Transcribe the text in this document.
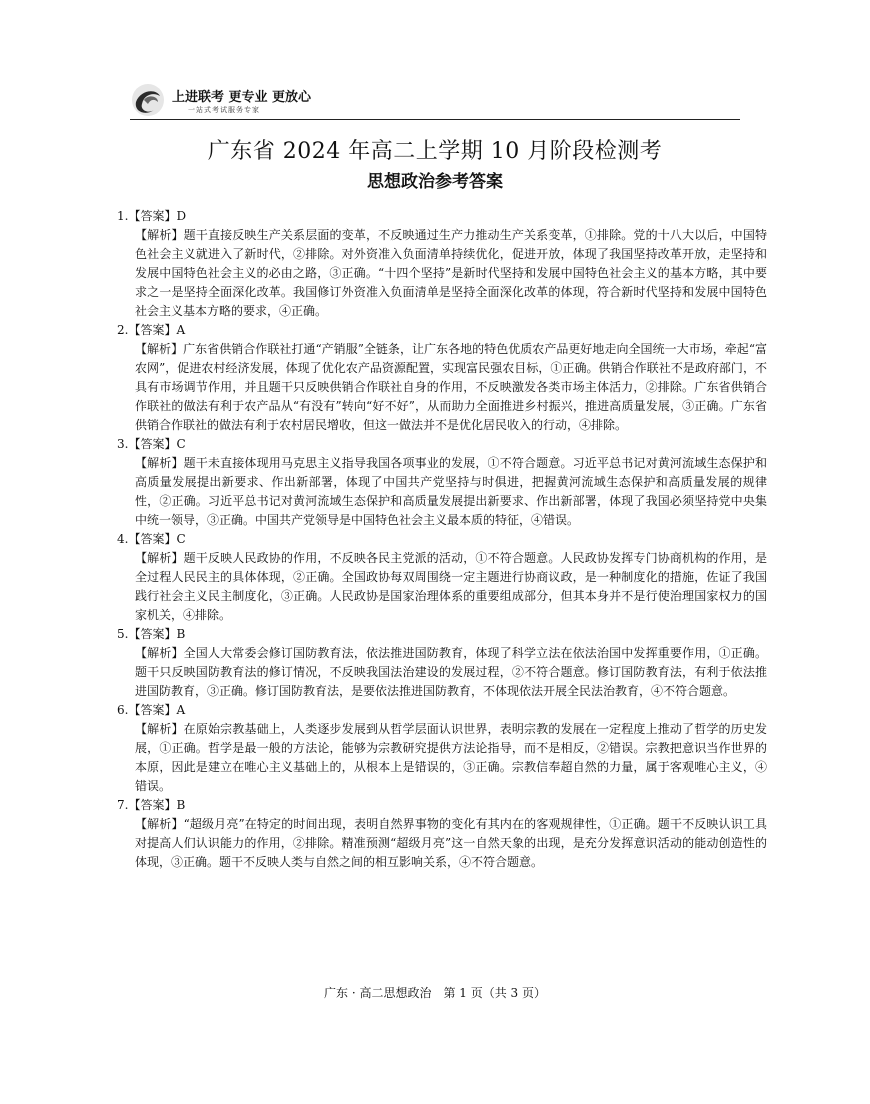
上进联考 更专业 更放心
一站式考试服务专家
广东省 2024 年高二上学期 10 月阶段检测考
思想政治参考答案

1.【答案】D

【解析】题干直接反映生产关系层面的变革，不反映通过生产力推动生产关系变革，①排除。党的十八大以后，中国特色社会主义就进入了新时代，②排除。对外资准入负面清单持续优化，促进开放，体现了我国坚持改革开放，走坚持和发展中国特色社会主义的必由之路，③正确。“十四个坚持”是新时代坚持和发展中国特色社会主义的基本方略，其中要求之一是坚持全面深化改革。我国修订外资准入负面清单是坚持全面深化改革的体现，符合新时代坚持和发展中国特色社会主义基本方略的要求，④正确。

2.【答案】A

【解析】广东省供销合作联社打通“产销服”全链条，让广东各地的特色优质农产品更好地走向全国统一大市场，牵起“富农网”，促进农村经济发展，体现了优化农产品资源配置，实现富民强农目标，①正确。供销合作联社不是政府部门，不具有市场调节作用，并且题干只反映供销合作联社自身的作用，不反映激发各类市场主体活力，②排除。广东省供销合作联社的做法有利于农产品从“有没有”转向“好不好”，从而助力全面推进乡村振兴，推进高质量发展，③正确。广东省供销合作联社的做法有利于农村居民增收，但这一做法并不是优化居民收入的行动，④排除。

3.【答案】C

【解析】题干未直接体现用马克思主义指导我国各项事业的发展，①不符合题意。习近平总书记对黄河流域生态保护和高质量发展提出新要求、作出新部署，体现了中国共产党坚持与时俱进，把握黄河流域生态保护和高质量发展的规律性，②正确。习近平总书记对黄河流域生态保护和高质量发展提出新要求、作出新部署，体现了我国必须坚持党中央集中统一领导，③正确。中国共产党领导是中国特色社会主义最本质的特征，④错误。

4.【答案】C

【解析】题干反映人民政协的作用，不反映各民主党派的活动，①不符合题意。人民政协发挥专门协商机构的作用，是全过程人民民主的具体体现，②正确。全国政协每双周围绕一定主题进行协商议政，是一种制度化的措施，佐证了我国践行社会主义民主制度化，③正确。人民政协是国家治理体系的重要组成部分，但其本身并不是行使治理国家权力的国家机关，④排除。

5.【答案】B

【解析】全国人大常委会修订国防教育法，依法推进国防教育，体现了科学立法在依法治国中发挥重要作用，①正确。题干只反映国防教育法的修订情况，不反映我国法治建设的发展过程，②不符合题意。修订国防教育法，有利于依法推进国防教育，③正确。修订国防教育法，是要依法推进国防教育，不体现依法开展全民法治教育，④不符合题意。

6.【答案】A

【解析】在原始宗教基础上，人类逐步发展到从哲学层面认识世界，表明宗教的发展在一定程度上推动了哲学的历史发展，①正确。哲学是最一般的方法论，能够为宗教研究提供方法论指导，而不是相反，②错误。宗教把意识当作世界的本原，因此是建立在唯心主义基础上的，从根本上是错误的，③正确。宗教信奉超自然的力量，属于客观唯心主义，④错误。

7.【答案】B

【解析】“超级月亮”在特定的时间出现，表明自然界事物的变化有其内在的客观规律性，①正确。题干不反映认识工具对提高人们认识能力的作用，②排除。精准预测“超级月亮”这一自然天象的出现，是充分发挥意识活动的能动创造性的体现，③正确。题干不反映人类与自然之间的相互影响关系，④不符合题意。

广东 · 高二思想政治　第 1 页（共 3 页）
